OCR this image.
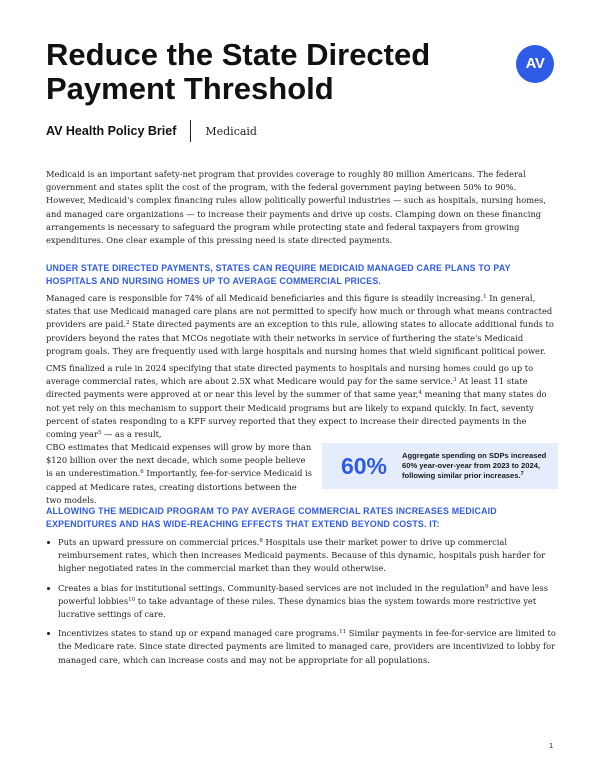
Reduce the State Directed Payment Threshold
AV
AV Health Policy Brief	Medicaid

Medicaid is an important safety-net program that provides coverage to roughly 80 million Americans. The federal government and states split the cost of the program, with the federal government paying between 50% to 90%. However, Medicaid's complex financing rules allow politically powerful industries — such as hospitals, nursing homes, and managed care organizations — to increase their payments and drive up costs. Clamping down on these financing arrangements is necessary to safeguard the program while protecting state and federal taxpayers from growing expenditures. One clear example of this pressing need is state directed payments.

UNDER STATE DIRECTED PAYMENTS, STATES CAN REQUIRE MEDICAID MANAGED CARE PLANS TO PAY HOSPITALS AND NURSING HOMES UP TO AVERAGE COMMERCIAL PRICES.

Managed care is responsible for 74% of all Medicaid beneficiaries and this figure is steadily increasing.$^1$ In general, states that use Medicaid managed care plans are not permitted to specify how much or through what means contracted providers are paid.$^2$ State directed payments are an exception to this rule, allowing states to allocate additional funds to providers beyond the rates that MCOs negotiate with their networks in service of furthering the state's Medicaid program goals. They are frequently used with large hospitals and nursing homes that wield significant political power.

CMS finalized a rule in 2024 specifying that state directed payments to hospitals and nursing homes could go up to average commercial rates, which are about 2.5X what Medicare would pay for the same service.$^3$ At least 11 state directed payments were approved at or near this level by the summer of that same year,$^4$ meaning that many states do not yet rely on this mechanism to support their Medicaid programs but are likely to expand quickly. In fact, seventy percent of states responding to a KFF survey reported that they expect to increase their directed payments in the coming year$^5$ — as a result,

CBO estimates that Medicaid expenses will grow by more than $120 billion over the next decade, which some people believe is an underestimation.$^6$ Importantly, fee-for-service Medicaid is capped at Medicare rates, creating distortions between the two models.

60%	Aggregate spending on SDPs increased 60% year-over-year from 2023 to 2024, following similar prior increases.$^7$
ALLOWING THE MEDICAID PROGRAM TO PAY AVERAGE COMMERCIAL RATES INCREASES MEDICAID EXPENDITURES AND HAS WIDE-REACHING EFFECTS THAT EXTEND BEYOND COSTS. IT:

Puts an upward pressure on commercial prices.$^8$ Hospitals use their market power to drive up commercial reimbursement rates, which then increases Medicaid payments. Because of this dynamic, hospitals push harder for higher negotiated rates in the commercial market than they would otherwise.

Creates a bias for institutional settings. Community-based services are not included in the regulation$^9$ and have less powerful lobbies$^{10}$ to take advantage of these rules. These dynamics bias the system towards more restrictive yet lucrative settings of care.

Incentivizes states to stand up or expand managed care programs.$^{11}$ Similar payments in fee-for-service are limited to the Medicare rate. Since state directed payments are limited to managed care, providers are incentivized to lobby for managed care, which can increase costs and may not be appropriate for all populations.

1
